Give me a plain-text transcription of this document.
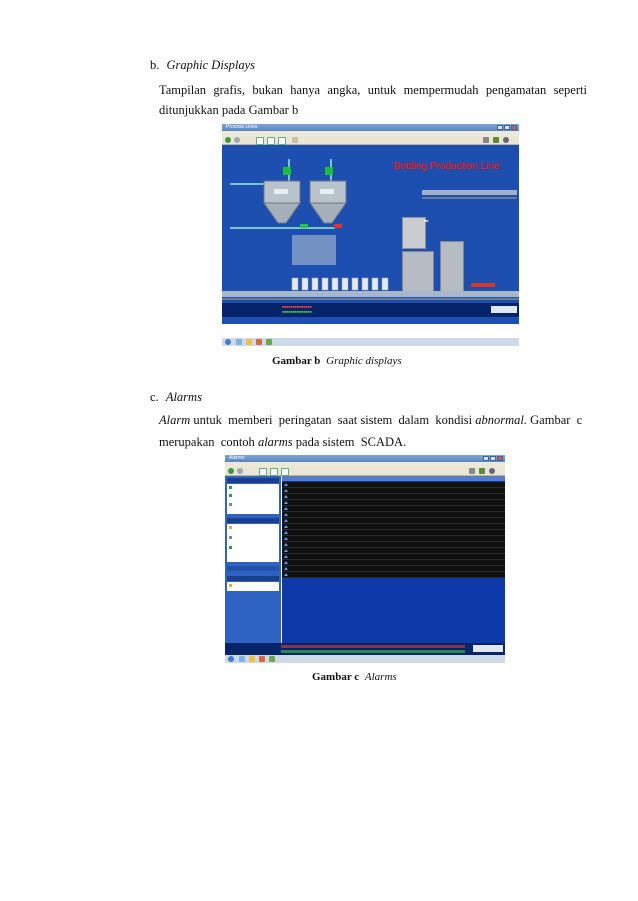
b. Graphic Displays
Tampilan grafis, bukan hanya angka, untuk mempermudah pengamatan seperti
ditunjukkan pada Gambar b
Process Lines
Bottling Production Line
■■
■■■■■■■■■■■■■■
■■■■■■■■■■■■■■
Gambar b Graphic displays
c. Alarms
Alarm untuk  memberi  peringatan  saat sistem  dalam  kondisi abnormal. Gambar  c
merupakan  contoh alarms pada sistem  SCADA.
Alarms
Gambar c Alarms
